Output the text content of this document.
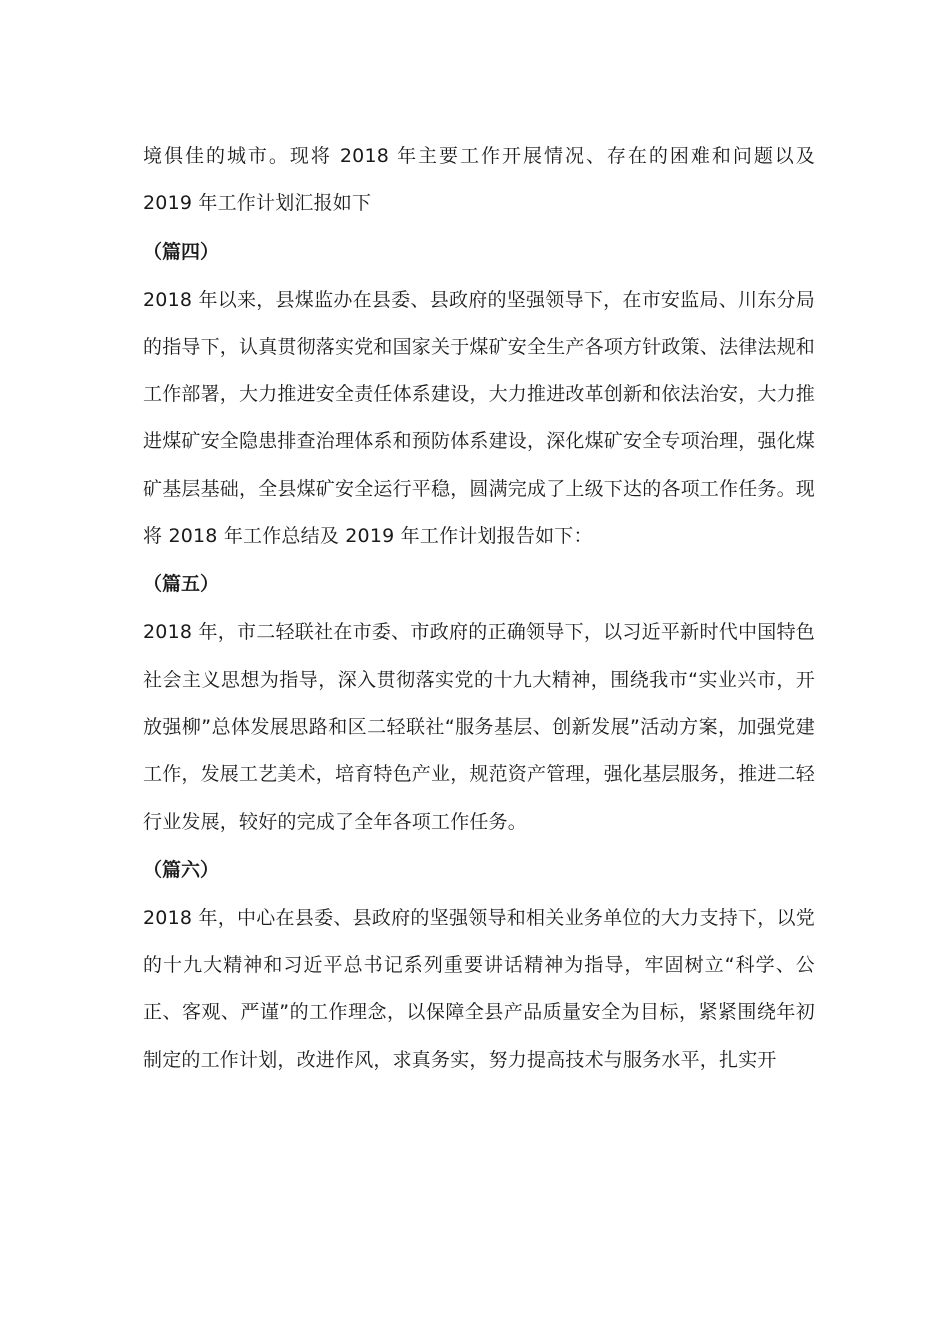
境俱佳的城市。现将 2018 年主要工作开展情况、存在的困难和问题以及 2019 年工作计划汇报如下

（篇四）

2018 年以来，县煤监办在县委、县政府的坚强领导下，在市安监局、川东分局的指导下，认真贯彻落实党和国家关于煤矿安全生产各项方针政策、法律法规和工作部署，大力推进安全责任体系建设，大力推进改革创新和依法治安，大力推进煤矿安全隐患排查治理体系和预防体系建设，深化煤矿安全专项治理，强化煤矿基层基础，全县煤矿安全运行平稳，圆满完成了上级下达的各项工作任务。现将 2018 年工作总结及 2019 年工作计划报告如下：

（篇五）

2018 年，市二轻联社在市委、市政府的正确领导下，以习近平新时代中国特色社会主义思想为指导，深入贯彻落实党的十九大精神，围绕我市“实业兴市，开放强柳”总体发展思路和区二轻联社“服务基层、创新发展”活动方案，加强党建工作，发展工艺美术，培育特色产业，规范资产管理，强化基层服务，推进二轻行业发展，较好的完成了全年各项工作任务。

（篇六）

2018 年，中心在县委、县政府的坚强领导和相关业务单位的大力支持下，以党的十九大精神和习近平总书记系列重要讲话精神为指导，牢固树立“科学、公正、客观、严谨”的工作理念，以保障全县产品质量安全为目标，紧紧围绕年初制定的工作计划，改进作风，求真务实，努力提高技术与服务水平，扎实开
